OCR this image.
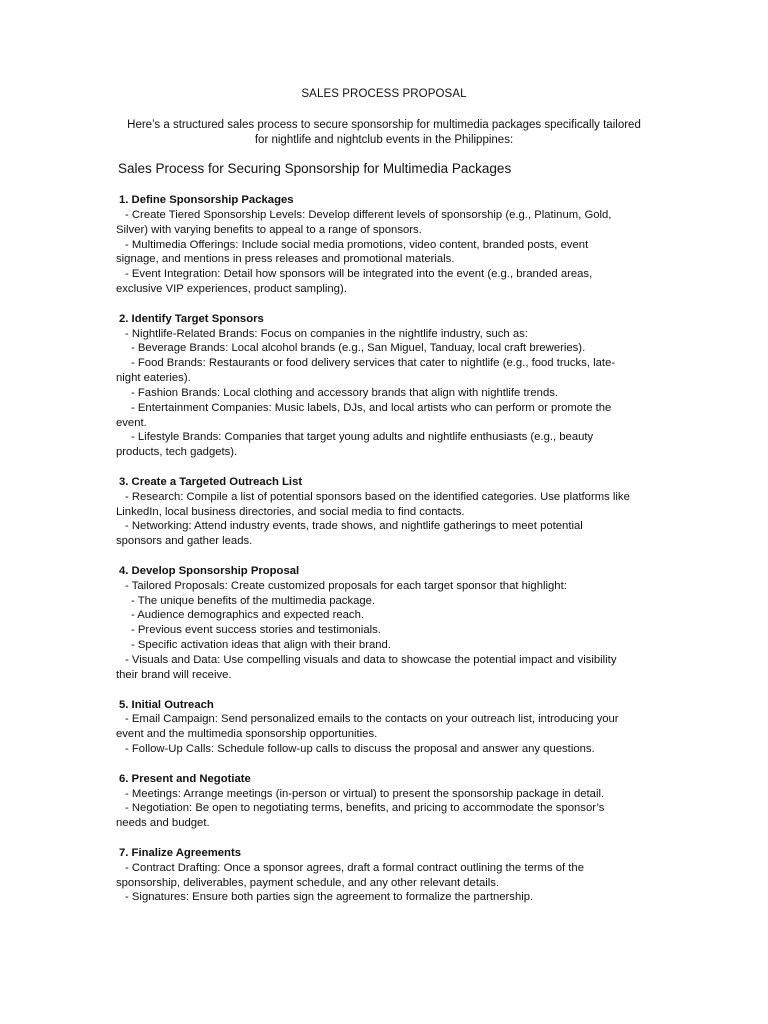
SALES PROCESS PROPOSAL
Here’s a structured sales process to secure sponsorship for multimedia packages specifically tailored
for nightlife and nightclub events in the Philippines:
Sales Process for Securing Sponsorship for Multimedia Packages
1. Define Sponsorship Packages
- Create Tiered Sponsorship Levels: Develop different levels of sponsorship (e.g., Platinum, Gold,
Silver) with varying benefits to appeal to a range of sponsors.
- Multimedia Offerings: Include social media promotions, video content, branded posts, event
signage, and mentions in press releases and promotional materials.
- Event Integration: Detail how sponsors will be integrated into the event (e.g., branded areas,
exclusive VIP experiences, product sampling).
2. Identify Target Sponsors
- Nightlife-Related Brands: Focus on companies in the nightlife industry, such as:
- Beverage Brands: Local alcohol brands (e.g., San Miguel, Tanduay, local craft breweries).
- Food Brands: Restaurants or food delivery services that cater to nightlife (e.g., food trucks, late-
night eateries).
- Fashion Brands: Local clothing and accessory brands that align with nightlife trends.
- Entertainment Companies: Music labels, DJs, and local artists who can perform or promote the
event.
- Lifestyle Brands: Companies that target young adults and nightlife enthusiasts (e.g., beauty
products, tech gadgets).
3. Create a Targeted Outreach List
- Research: Compile a list of potential sponsors based on the identified categories. Use platforms like
LinkedIn, local business directories, and social media to find contacts.
- Networking: Attend industry events, trade shows, and nightlife gatherings to meet potential
sponsors and gather leads.
4. Develop Sponsorship Proposal
- Tailored Proposals: Create customized proposals for each target sponsor that highlight:
- The unique benefits of the multimedia package.
- Audience demographics and expected reach.
- Previous event success stories and testimonials.
- Specific activation ideas that align with their brand.
- Visuals and Data: Use compelling visuals and data to showcase the potential impact and visibility
their brand will receive.
5. Initial Outreach
- Email Campaign: Send personalized emails to the contacts on your outreach list, introducing your
event and the multimedia sponsorship opportunities.
- Follow-Up Calls: Schedule follow-up calls to discuss the proposal and answer any questions.
6. Present and Negotiate
- Meetings: Arrange meetings (in-person or virtual) to present the sponsorship package in detail.
- Negotiation: Be open to negotiating terms, benefits, and pricing to accommodate the sponsor’s
needs and budget.
7. Finalize Agreements
- Contract Drafting: Once a sponsor agrees, draft a formal contract outlining the terms of the
sponsorship, deliverables, payment schedule, and any other relevant details.
- Signatures: Ensure both parties sign the agreement to formalize the partnership.
